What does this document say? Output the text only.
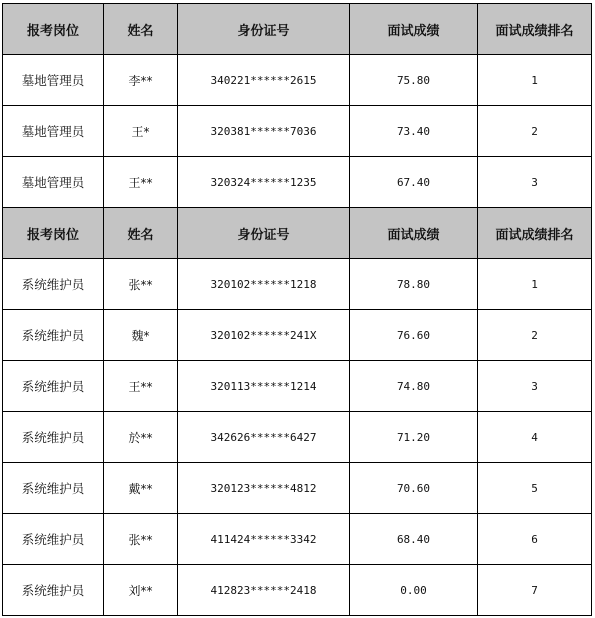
报考岗位	姓名	身份证号	面试成绩	面试成绩排名
墓地管理员	李**	340221******2615	75.80	1
墓地管理员	王*	320381******7036	73.40	2
墓地管理员	王**	320324******1235	67.40	3
报考岗位	姓名	身份证号	面试成绩	面试成绩排名
系统维护员	张**	320102******1218	78.80	1
系统维护员	魏*	320102******241X	76.60	2
系统维护员	王**	320113******1214	74.80	3
系统维护员	於**	342626******6427	71.20	4
系统维护员	戴**	320123******4812	70.60	5
系统维护员	张**	411424******3342	68.40	6
系统维护员	刘**	412823******2418	0.00	7
